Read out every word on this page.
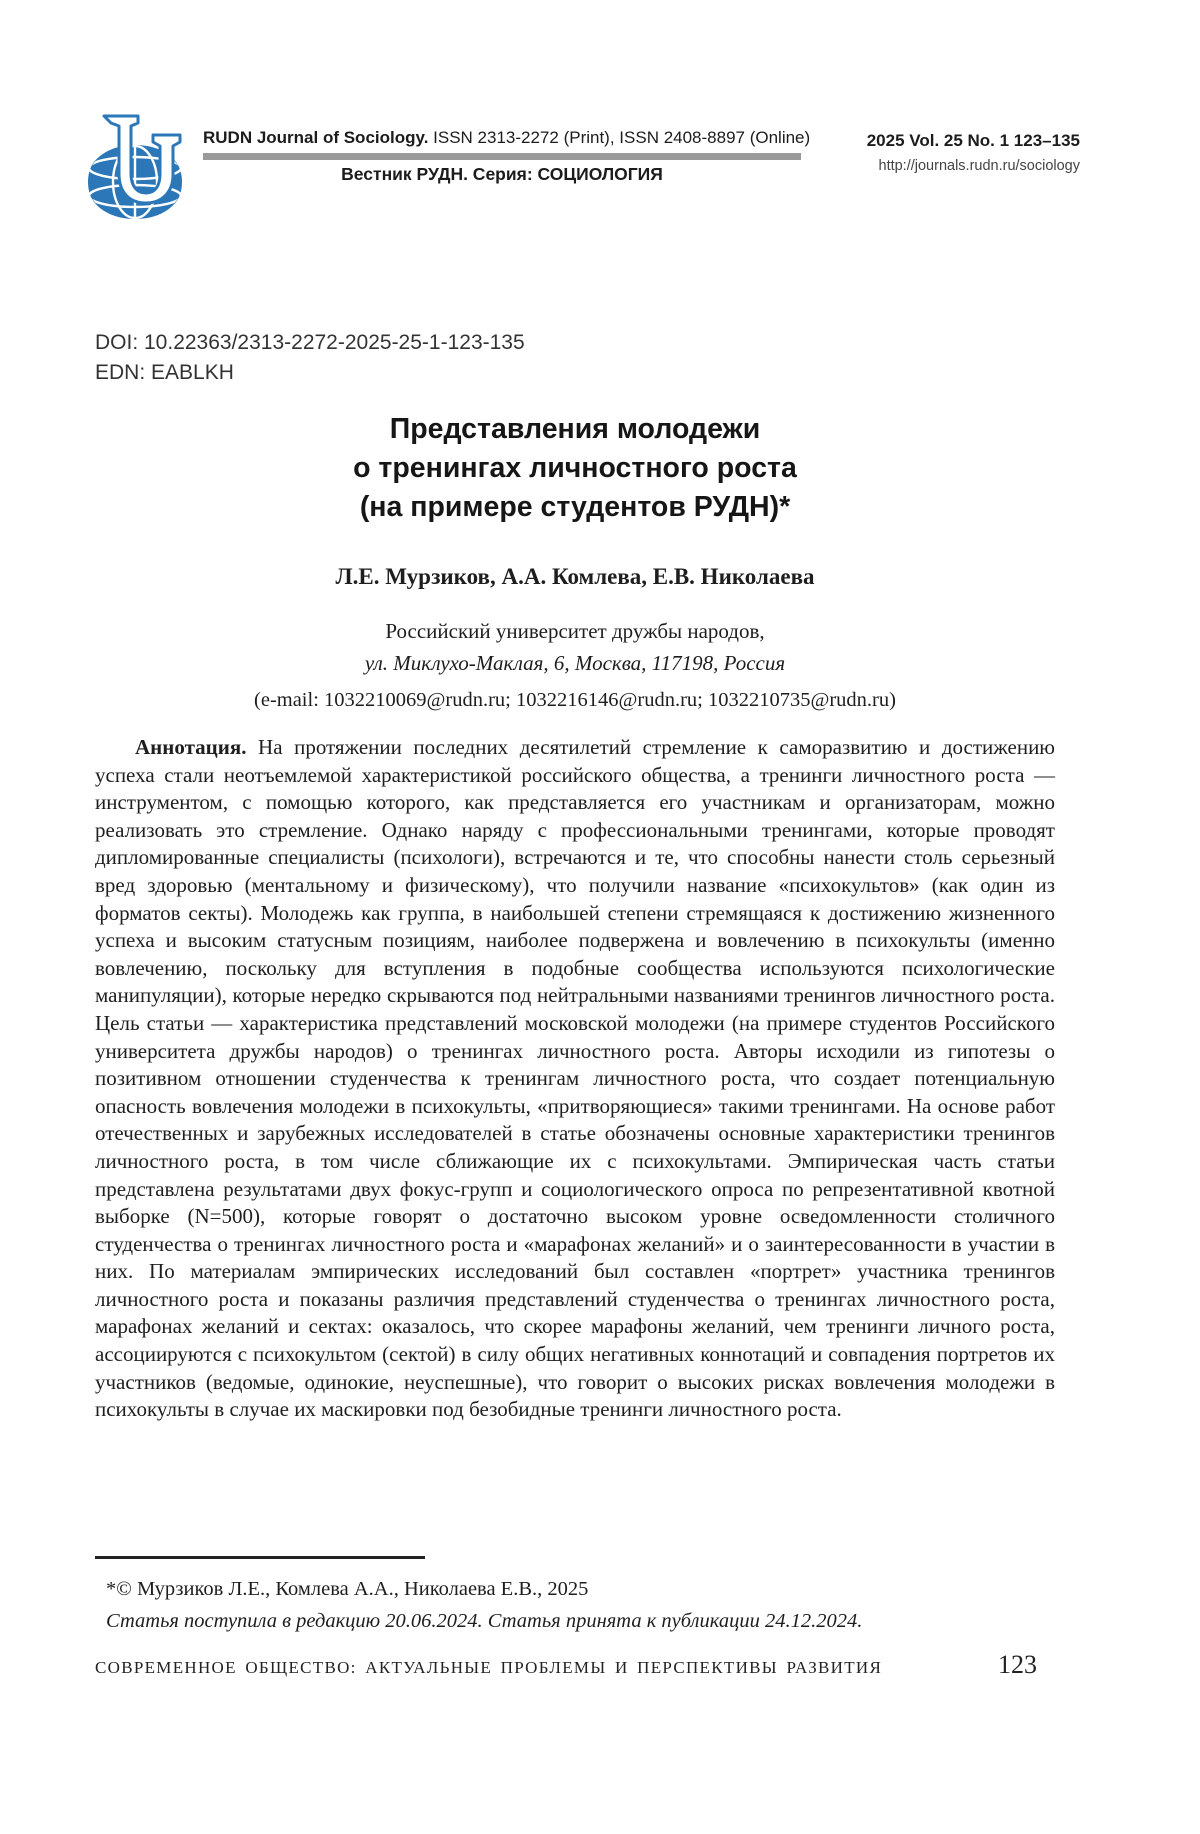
RUDN Journal of Sociology. ISSN 2313-2272 (Print), ISSN 2408-8897 (Online)
Вестник РУДН. Серия: СОЦИОЛОГИЯ
2025 Vol. 25 No. 1 123–135
http://journals.rudn.ru/sociology
DOI: 10.22363/2313-2272-2025-25-1-123-135
EDN: EABLKH
Представления молодежи
о тренингах личностного роста
(на примере студентов РУДН)*
Л.Е. Мурзиков, А.А. Комлева, Е.В. Николаева
Российский университет дружбы народов,
ул. Миклухо-Маклая, 6, Москва, 117198, Россия
(e-mail: 1032210069@rudn.ru; 1032216146@rudn.ru; 1032210735@rudn.ru)

Аннотация. На протяжении последних десятилетий стремление к саморазвитию и достижению успеха стали неотъемлемой характеристикой российского общества, а тренинги личностного роста — инструментом, с помощью которого, как представляется его участникам и организаторам, можно реализовать это стремление. Однако наряду с профессиональными тренингами, которые проводят дипломированные специалисты (психологи), встречаются и те, что способны нанести столь серьезный вред здоровью (ментальному и физическому), что получили название «психокультов» (как один из форматов секты). Молодежь как группа, в наибольшей степени стремящаяся к достижению жизненного успеха и высоким статусным позициям, наиболее подвержена и вовлечению в психокульты (именно вовлечению, поскольку для вступления в подобные сообщества используются психологические манипуляции), которые нередко скрываются под нейтральными названиями тренингов личностного роста. Цель статьи — характеристика представлений московской молодежи (на примере студентов Российского университета дружбы народов) о тренингах личностного роста. Авторы исходили из гипотезы о позитивном отношении студенчества к тренингам личностного роста, что создает потенциальную опасность вовлечения молодежи в психокульты, «притворяющиеся» такими тренингами. На основе работ отечественных и зарубежных исследователей в статье обозначены основные характеристики тренингов личностного роста, в том числе сближающие их с психокультами. Эмпирическая часть статьи представлена результатами двух фокус-групп и социологического опроса по репрезентативной квотной выборке (N=500), которые говорят о достаточно высоком уровне осведомленности столичного студенчества о тренингах личностного роста и «марафонах желаний» и о заинтересованности в участии в них. По материалам эмпирических исследований был составлен «портрет» участника тренингов личностного роста и показаны различия представлений студенчества о тренингах личностного роста, марафонах желаний и сектах: оказалось, что скорее марафоны желаний, чем тренинги личного роста, ассоциируются с психокультом (сектой) в силу общих негативных коннотаций и совпадения портретов их участников (ведомые, одинокие, неуспешные), что говорит о высоких рисках вовлечения молодежи в психокульты в случае их маскировки под безобидные тренинги личностного роста.

*© Мурзиков Л.Е., Комлева А.А., Николаева Е.В., 2025
Статья поступила в редакцию 20.06.2024. Статья принята к публикации 24.12.2024.
СОВРЕМЕННОЕ ОБЩЕСТВО: АКТУАЛЬНЫЕ ПРОБЛЕМЫ И ПЕРСПЕКТИВЫ РАЗВИТИЯ	123
